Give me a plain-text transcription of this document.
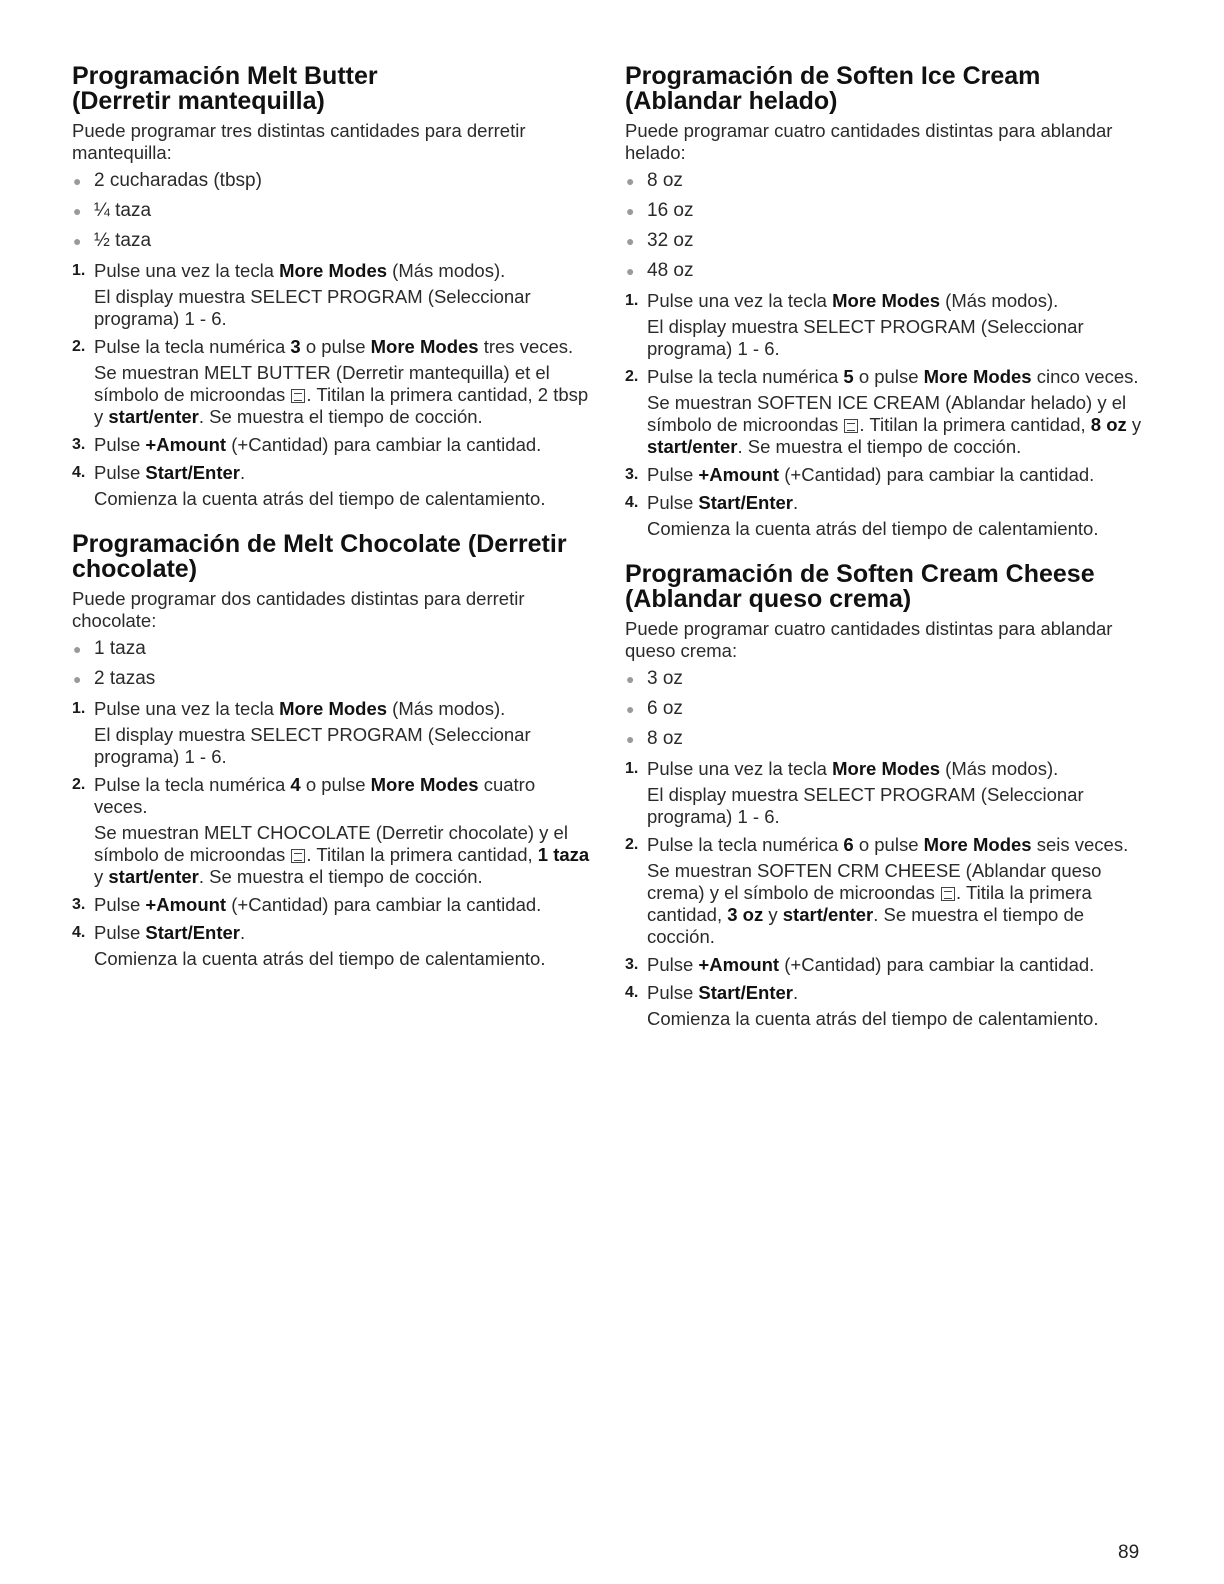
Programación Melt Butter
(Derretir mantequilla)

Puede programar tres distintas cantidades para derretir mantequilla:

● 2 cucharadas (tbsp)
● ¼ taza
● ½ taza
1. Pulse una vez la tecla More Modes (Más modos).
El display muestra SELECT PROGRAM (Seleccionar programa) 1 - 6.
2. Pulse la tecla numérica 3 o pulse More Modes tres veces.
Se muestran MELT BUTTER (Derretir mantequilla) et el símbolo de microondas . Titilan la primera cantidad, 2 tbsp y start/enter. Se muestra el tiempo de cocción.
3. Pulse +Amount (+Cantidad) para cambiar la cantidad.
4. Pulse Start/Enter.
Comienza la cuenta atrás del tiempo de calentamiento.
Programación de Melt Chocolate (Derretir
chocolate)

Puede programar dos cantidades distintas para derretir chocolate:

● 1 taza
● 2 tazas
1. Pulse una vez la tecla More Modes (Más modos).
El display muestra SELECT PROGRAM (Seleccionar programa) 1 - 6.
2. Pulse la tecla numérica 4 o pulse More Modes cuatro veces.
Se muestran MELT CHOCOLATE (Derretir chocolate) y el símbolo de microondas . Titilan la primera cantidad, 1 taza y start/enter. Se muestra el tiempo de cocción.
3. Pulse +Amount (+Cantidad) para cambiar la cantidad.
4. Pulse Start/Enter.
Comienza la cuenta atrás del tiempo de calentamiento.
Programación de Soften Ice Cream
(Ablandar helado)

Puede programar cuatro cantidades distintas para ablandar helado:

● 8 oz
● 16 oz
● 32 oz
● 48 oz
1. Pulse una vez la tecla More Modes (Más modos).
El display muestra SELECT PROGRAM (Seleccionar programa) 1 - 6.
2. Pulse la tecla numérica 5 o pulse More Modes cinco veces.
Se muestran SOFTEN ICE CREAM (Ablandar helado) y el símbolo de microondas . Titilan la primera cantidad, 8 oz y start/enter. Se muestra el tiempo de cocción.
3. Pulse +Amount (+Cantidad) para cambiar la cantidad.
4. Pulse Start/Enter.
Comienza la cuenta atrás del tiempo de calentamiento.
Programación de Soften Cream Cheese
(Ablandar queso crema)

Puede programar cuatro cantidades distintas para ablandar queso crema:

● 3 oz
● 6 oz
● 8 oz
1. Pulse una vez la tecla More Modes (Más modos).
El display muestra SELECT PROGRAM (Seleccionar programa) 1 - 6.
2. Pulse la tecla numérica 6 o pulse More Modes seis veces.
Se muestran SOFTEN CRM CHEESE (Ablandar queso crema) y el símbolo de microondas . Titila la primera cantidad, 3 oz y start/enter. Se muestra el tiempo de cocción.
3. Pulse +Amount (+Cantidad) para cambiar la cantidad.
4. Pulse Start/Enter.
Comienza la cuenta atrás del tiempo de calentamiento.
89
